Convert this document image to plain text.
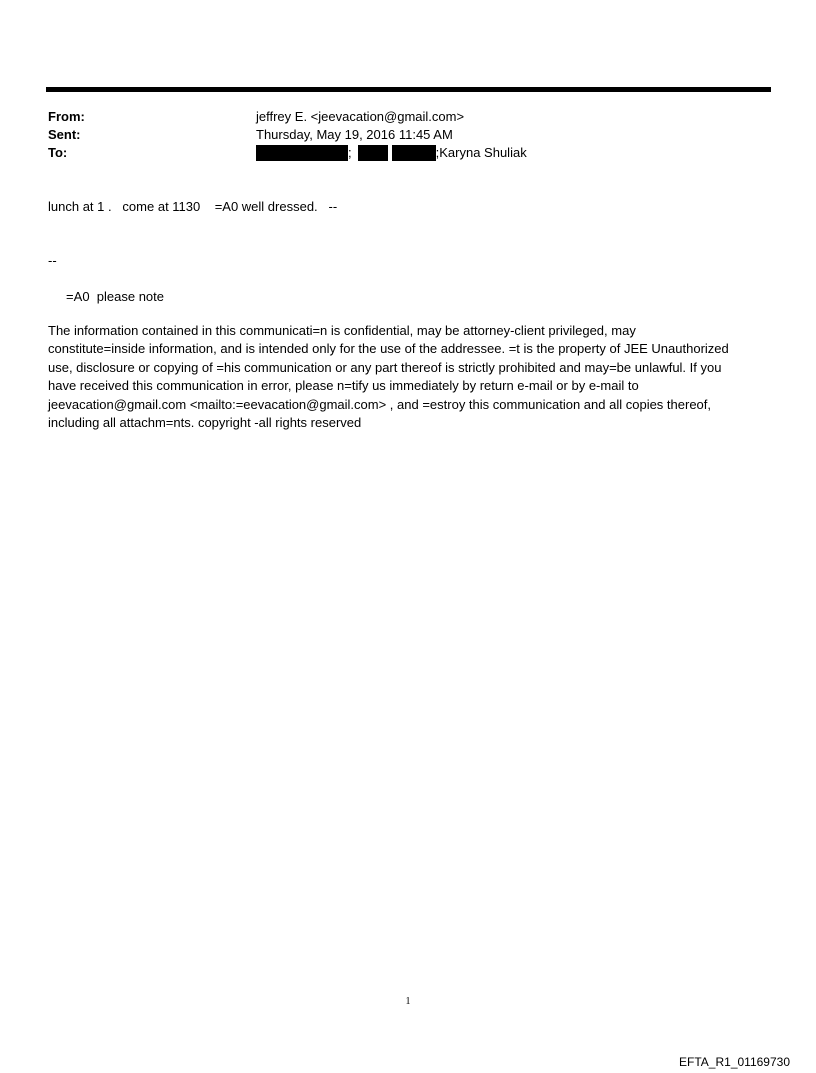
From:	jeffrey E. <jeevacation@gmail.com>
Sent:	Thursday, May 19, 2016 11:45 AM
To:	;	; Karyna Shuliak
lunch at 1 .   come at 1130    =A0 well dressed.   --
--
=A0  please note
The information contained in this communicati=n is confidential, may be attorney-client privileged, may
constitute=inside information, and is intended only for the use of the addressee. =t is the property of JEE Unauthorized
use, disclosure or copying of =his communication or any part thereof is strictly prohibited and may=be unlawful. If you
have received this communication in error, please n=tify us immediately by return e-mail or by e-mail to
jeevacation@gmail.com <mailto:=eevacation@gmail.com> , and =estroy this communication and all copies thereof,
including all attachm=nts. copyright -all rights reserved
1
EFTA_R1_01169730
